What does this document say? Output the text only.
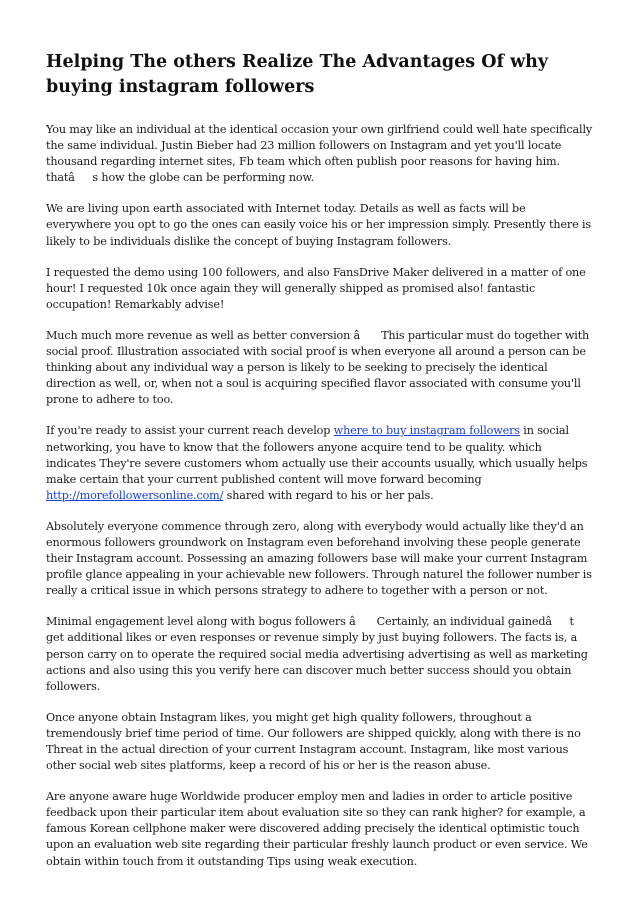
Helping The others Realize The Advantages Of why buying instagram followers

You may like an individual at the identical occasion your own girlfriend could well hate specifically the same individual. Justin Bieber had 23 million followers on Instagram and yet you'll locate thousand regarding internet sites, Fb team which often publish poor reasons for having him. thatâs how the globe can be performing now.

We are living upon earth associated with Internet today. Details as well as facts will be everywhere you opt to go the ones can easily voice his or her impression simply. Presently there is likely to be individuals dislike the concept of buying Instagram followers.

I requested the demo using 100 followers, and also FansDrive Maker delivered in a matter of one hour! I requested 10k once again they will generally shipped as promised also! fantastic occupation! Remarkably advise!

Much much more revenue as well as better conversion â This particular must do together with social proof. Illustration associated with social proof is when everyone all around a person can be thinking about any individual way a person is likely to be seeking to precisely the identical direction as well, or, when not a soul is acquiring specified flavor associated with consume you'll prone to adhere to too.

If you're ready to assist your current reach develop where to buy instagram followers in social networking, you have to know that the followers anyone acquire tend to be quality. which indicates They're severe customers whom actually use their accounts usually, which usually helps make certain that your current published content will move forward becoming http://morefollowersonline.com/ shared with regard to his or her pals.

Absolutely everyone commence through zero, along with everybody would actually like they'd an enormous followers groundwork on Instagram even beforehand involving these people generate their Instagram account. Possessing an amazing followers base will make your current Instagram profile glance appealing in your achievable new followers. Through naturel the follower number is really a critical issue in which persons strategy to adhere to together with a person or not.

Minimal engagement level along with bogus followers â Certainly, an individual gainedât get additional likes or even responses or revenue simply by just buying followers. The facts is, a person carry on to operate the required social media advertising advertising as well as marketing actions and also using this you verify here can discover much better success should you obtain followers.

Once anyone obtain Instagram likes, you might get high quality followers, throughout a tremendously brief time period of time. Our followers are shipped quickly, along with there is no Threat in the actual direction of your current Instagram account. Instagram, like most various other social web sites platforms, keep a record of his or her is the reason abuse.

Are anyone aware huge Worldwide producer employ men and ladies in order to article positive feedback upon their particular item about evaluation site so they can rank higher? for example, a famous Korean cellphone maker were discovered adding precisely the identical optimistic touch upon an evaluation web site regarding their particular freshly launch product or even service. We obtain within touch from it outstanding Tips using weak execution.
